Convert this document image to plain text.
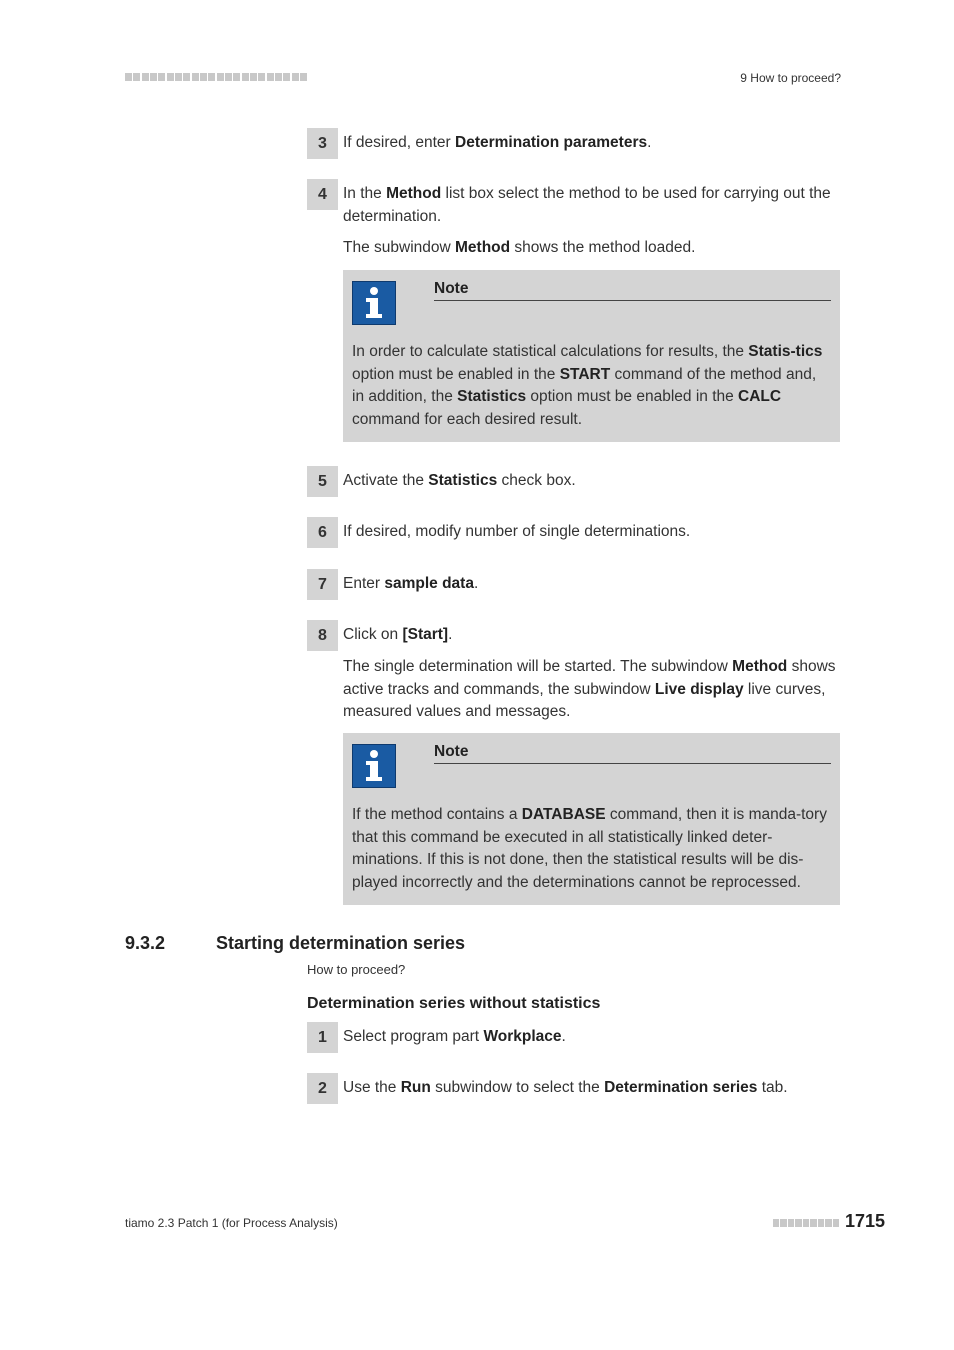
9 How to proceed?
3	If desired, enter Determination parameters.
4	In the Method list box select the method to be used for carrying out the determination.
The subwindow Method shows the method loaded.
Note
In order to calculate statistical calculations for results, the Statis-tics option must be enabled in the START command of the method and, in addition, the Statistics option must be enabled in the CALC command for each desired result.
5	Activate the Statistics check box.
6	If desired, modify number of single determinations.
7	Enter sample data.
8	Click on [Start].
The single determination will be started. The subwindow Method shows active tracks and commands, the subwindow Live display live curves, measured values and messages.
Note
If the method contains a DATABASE command, then it is manda-tory that this command be executed in all statistically linked deter-minations. If this is not done, then the statistical results will be dis-played incorrectly and the determinations cannot be reprocessed.
9.3.2	Starting determination series
How to proceed?
Determination series without statistics
1	Select program part Workplace.
2	Use the Run subwindow to select the Determination series tab.
tiamo 2.3 Patch 1 (for Process Analysis)	1715
